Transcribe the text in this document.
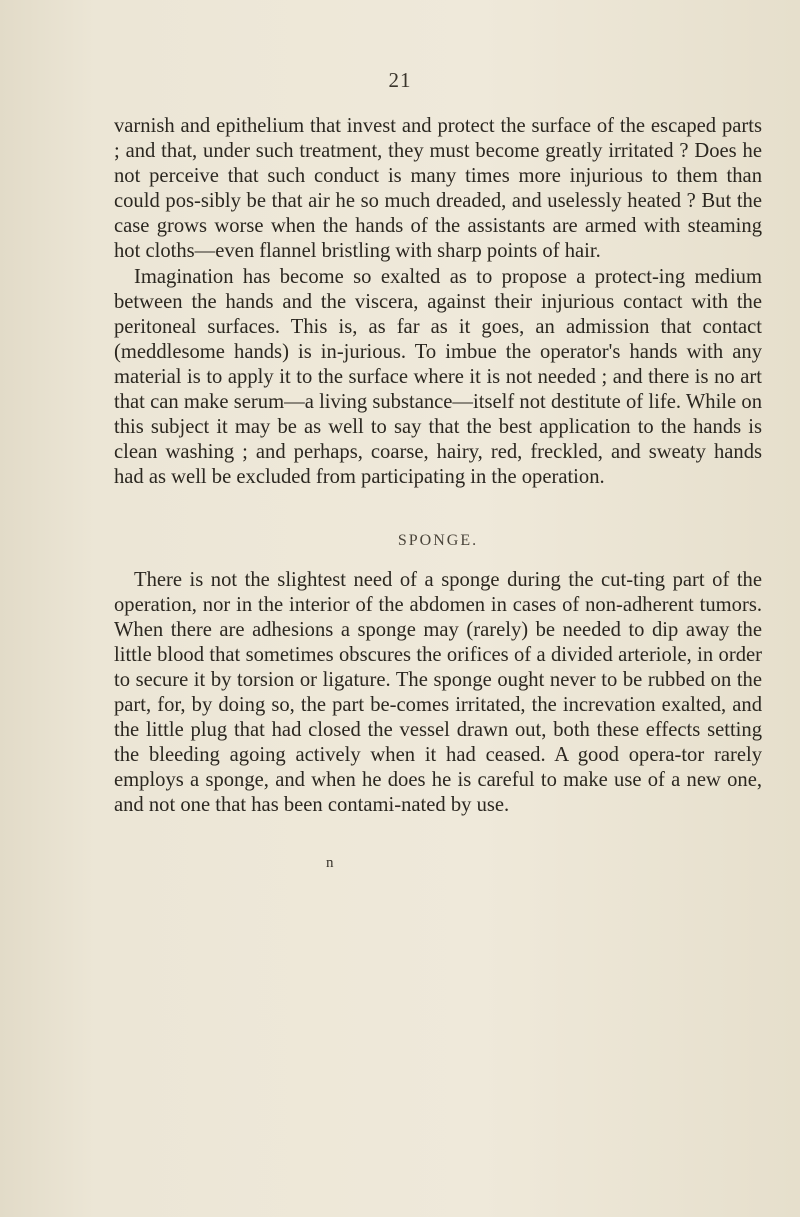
21

varnish and epithelium that invest and protect the surface of the escaped parts ; and that, under such treatment, they must become greatly irritated ? Does he not perceive that such conduct is many times more injurious to them than could pos-sibly be that air he so much dreaded, and uselessly heated ? But the case grows worse when the hands of the assistants are armed with steaming hot cloths—even flannel bristling with sharp points of hair.

Imagination has become so exalted as to propose a protect-ing medium between the hands and the viscera, against their injurious contact with the peritoneal surfaces. This is, as far as it goes, an admission that contact (meddlesome hands) is in-jurious. To imbue the operator's hands with any material is to apply it to the surface where it is not needed ; and there is no art that can make serum—a living substance—itself not destitute of life. While on this subject it may be as well to say that the best application to the hands is clean washing ; and perhaps, coarse, hairy, red, freckled, and sweaty hands had as well be excluded from participating in the operation.

SPONGE.

There is not the slightest need of a sponge during the cut-ting part of the operation, nor in the interior of the abdomen in cases of non-adherent tumors. When there are adhesions a sponge may (rarely) be needed to dip away the little blood that sometimes obscures the orifices of a divided arteriole, in order to secure it by torsion or ligature. The sponge ought never to be rubbed on the part, for, by doing so, the part be-comes irritated, the increvation exalted, and the little plug that had closed the vessel drawn out, both these effects setting the bleeding agoing actively when it had ceased. A good opera-tor rarely employs a sponge, and when he does he is careful to make use of a new one, and not one that has been contami-nated by use.

n
